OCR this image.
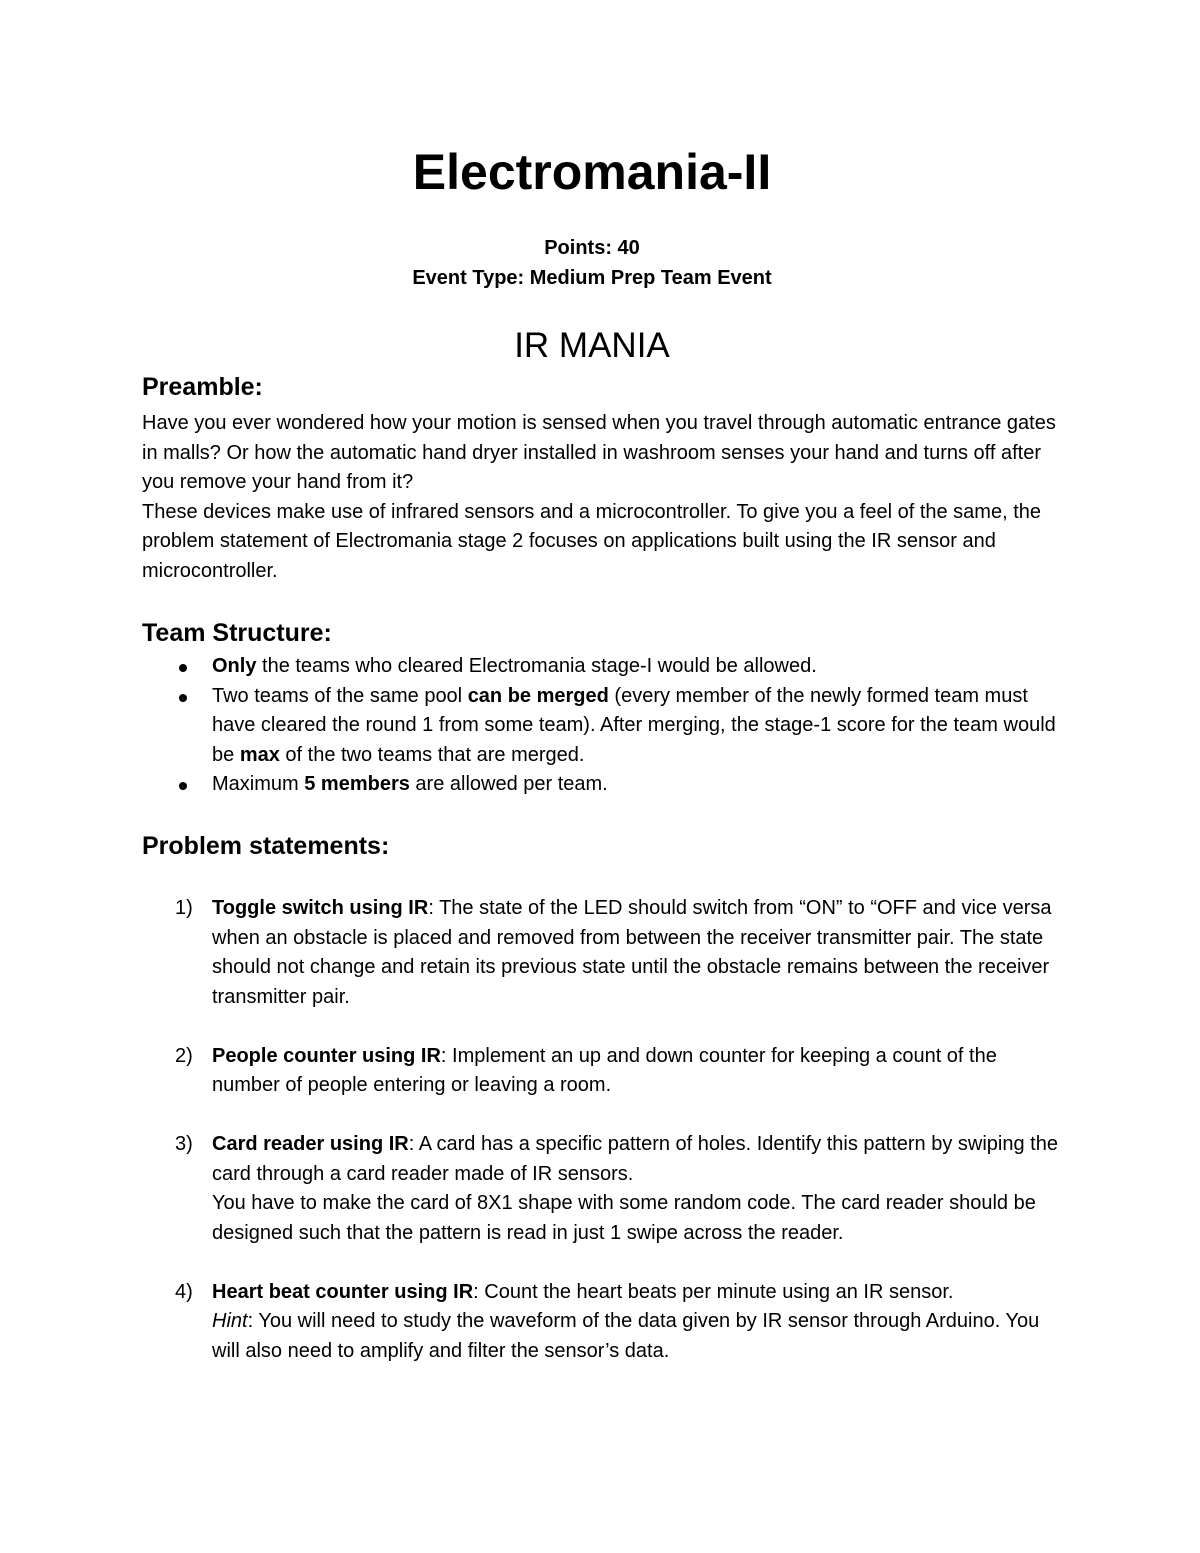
Electromania-II
Points: 40
Event Type: Medium Prep Team Event
IR MANIA
Preamble:
Have you ever wondered how your motion is sensed when you travel through automatic entrance gates in malls? Or how the automatic hand dryer installed in washroom senses your hand and turns off after you remove your hand from it?
These devices make use of infrared sensors and a microcontroller. To give you a feel of the same, the problem statement of Electromania stage 2 focuses on applications built using the IR sensor and microcontroller.
Team Structure:
Only the teams who cleared Electromania stage-I would be allowed.
Two teams of the same pool can be merged (every member of the newly formed team must have cleared the round 1 from some team). After merging, the stage-1 score for the team would be max of the two teams that are merged.
Maximum 5 members are allowed per team.
Problem statements:
1) Toggle switch using IR: The state of the LED should switch from “ON” to “OFF and vice versa when an obstacle is placed and removed from between the receiver transmitter pair. The state should not change and retain its previous state until the obstacle remains between the receiver transmitter pair.
2) People counter using IR: Implement an up and down counter for keeping a count of the number of people entering or leaving a room.
3) Card reader using IR: A card has a specific pattern of holes. Identify this pattern by swiping the card through a card reader made of IR sensors.
You have to make the card of 8X1 shape with some random code. The card reader should be designed such that the pattern is read in just 1 swipe across the reader.
4) Heart beat counter using IR: Count the heart beats per minute using an IR sensor.
Hint: You will need to study the waveform of the data given by IR sensor through Arduino. You will also need to amplify and filter the sensor’s data.
